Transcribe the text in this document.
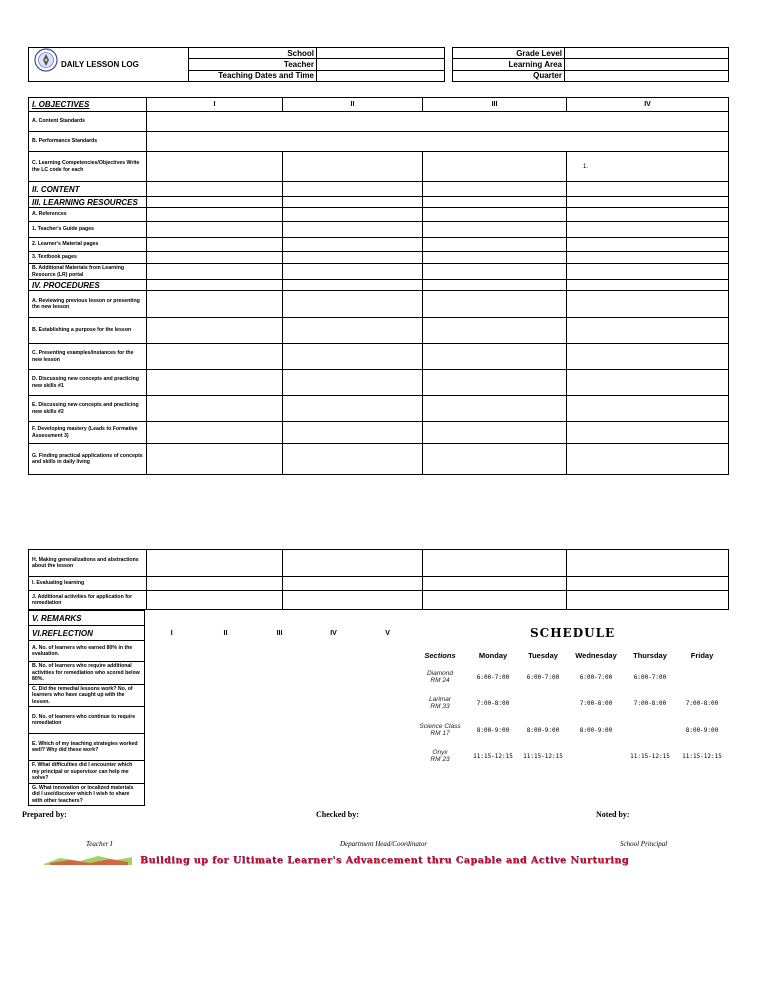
DAILY LESSON LOG	School			Grade Level	
	Teacher			Learning Area	
	Teaching Dates and Time			Quarter	
I. OBJECTIVES	I	II	III	IV
A. Content Standards				
B. Performance Standards				
C. Learning Competencies/Objectives Write the LC code for each				1.
II. CONTENT				
III. LEARNING RESOURCES				
A. References				
1. Teacher's Guide pages				
2. Learner's Material pages				
3. Textbook pages				
B. Additional Materials from Learning Resource (LR) portal				
IV. PROCEDURES				
A. Reviewing previous lesson or presenting the new lesson				
B. Establishing a purpose for the lesson				
C. Presenting examples/instances for the new lesson				
D. Discussing new concepts and practicing new skills #1				
E. Discussing new concepts and practicing new skills #2				
F. Developing mastery (Leads to Formative Assessment 3)				
G. Finding practical applications of concepts and skills in daily living				
H. Making generalizations and abstractions about the lesson				
I. Evaluating learning				
J. Additional activities for application for remediation				
V. REMARKS					
VI.REFLECTION	I	II	III	IV	V
A. No. of learners who earned 80% in the evaluation.					
B. No. of learners who require additional activities for remediation who scored below 80%.					
C. Did the remedial lessons work? No. of learners who have caught up with the lesson.					
D. No. of learners who continue to require remediation					
E. Which of my teaching strategies worked well? Why did these work?					
F. What difficulties did I encounter which my principal or supervisor can help me solve?					
G. What innovation or localized materials did I use/discover which I wish to share with other teachers?					
SCHEDULE
Sections	Monday	Tuesday	Wednesday	Thursday	Friday
Diamond
RM 24	6:00-7:00	6:00-7:00	6:00-7:00	6:00-7:00	
Larimar
RM 33	7:00-8:00		7:00-8:00	7:00-8:00	7:00-8:00
Science Class
RM 17	8:00-9:00	8:00-9:00	8:00-9:00		8:00-9:00
Onyx
RM 23	11:15-12:15	11:15-12:15		11:15-12:15	11:15-12:15
Prepared by:	Checked by:	Noted by:
Teacher I	Department Head/Coordinator	School Principal
Building up for Ultimate Learner's Advancement thru Capable and Active Nurturing
